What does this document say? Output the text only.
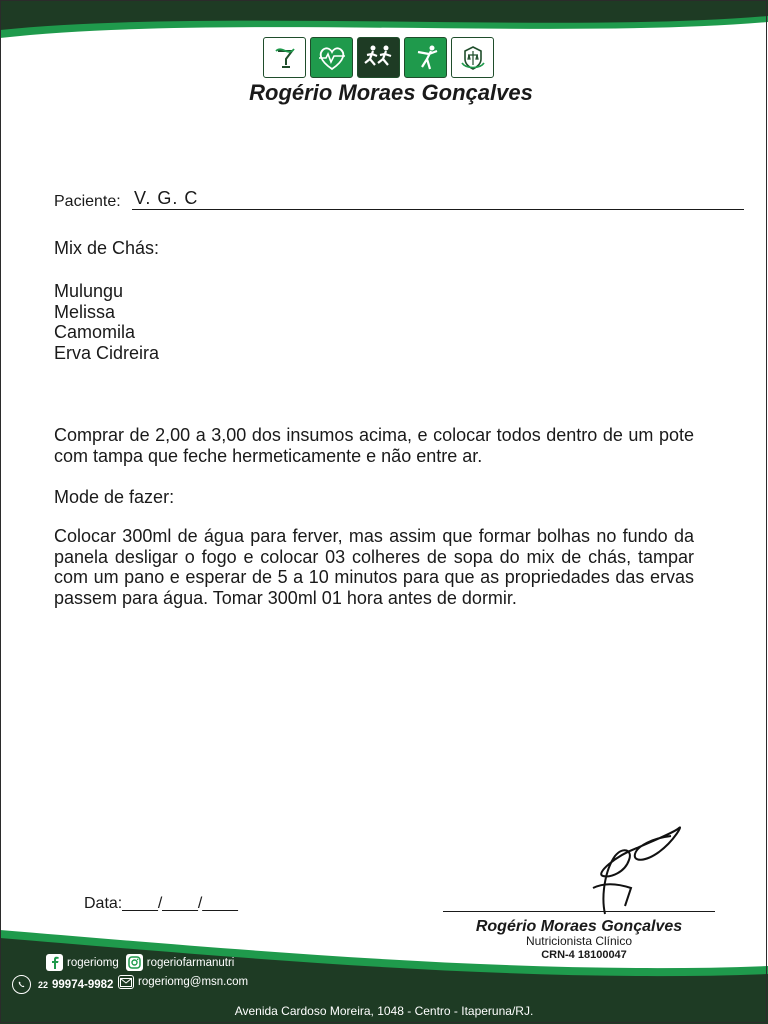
Rogério Moraes Gonçalves
Paciente: V. G. C
Mix de Chás:
Mulungu
Melissa
Camomila
Erva Cidreira
Comprar de 2,00 a 3,00 dos insumos acima, e colocar todos dentro de um pote com tampa que feche hermeticamente e não entre ar.
Mode de fazer:
Colocar 300ml de água para ferver, mas assim que formar bolhas no fundo da panela desligar o fogo e colocar 03 colheres de sopa do mix de chás, tampar com um pano e esperar de 5 a 10 minutos para que as propriedades das ervas passem para água. Tomar 300ml 01 hora antes de dormir.
Data:____/____/____
Rogério Moraes Gonçalves
Nutricionista Clínico
CRN-4 18100047
rogeriomg rogeriofarmanutri
22 99974-9982 rogeriomg@msn.com
Avenida Cardoso Moreira, 1048 - Centro - Itaperuna/RJ.
